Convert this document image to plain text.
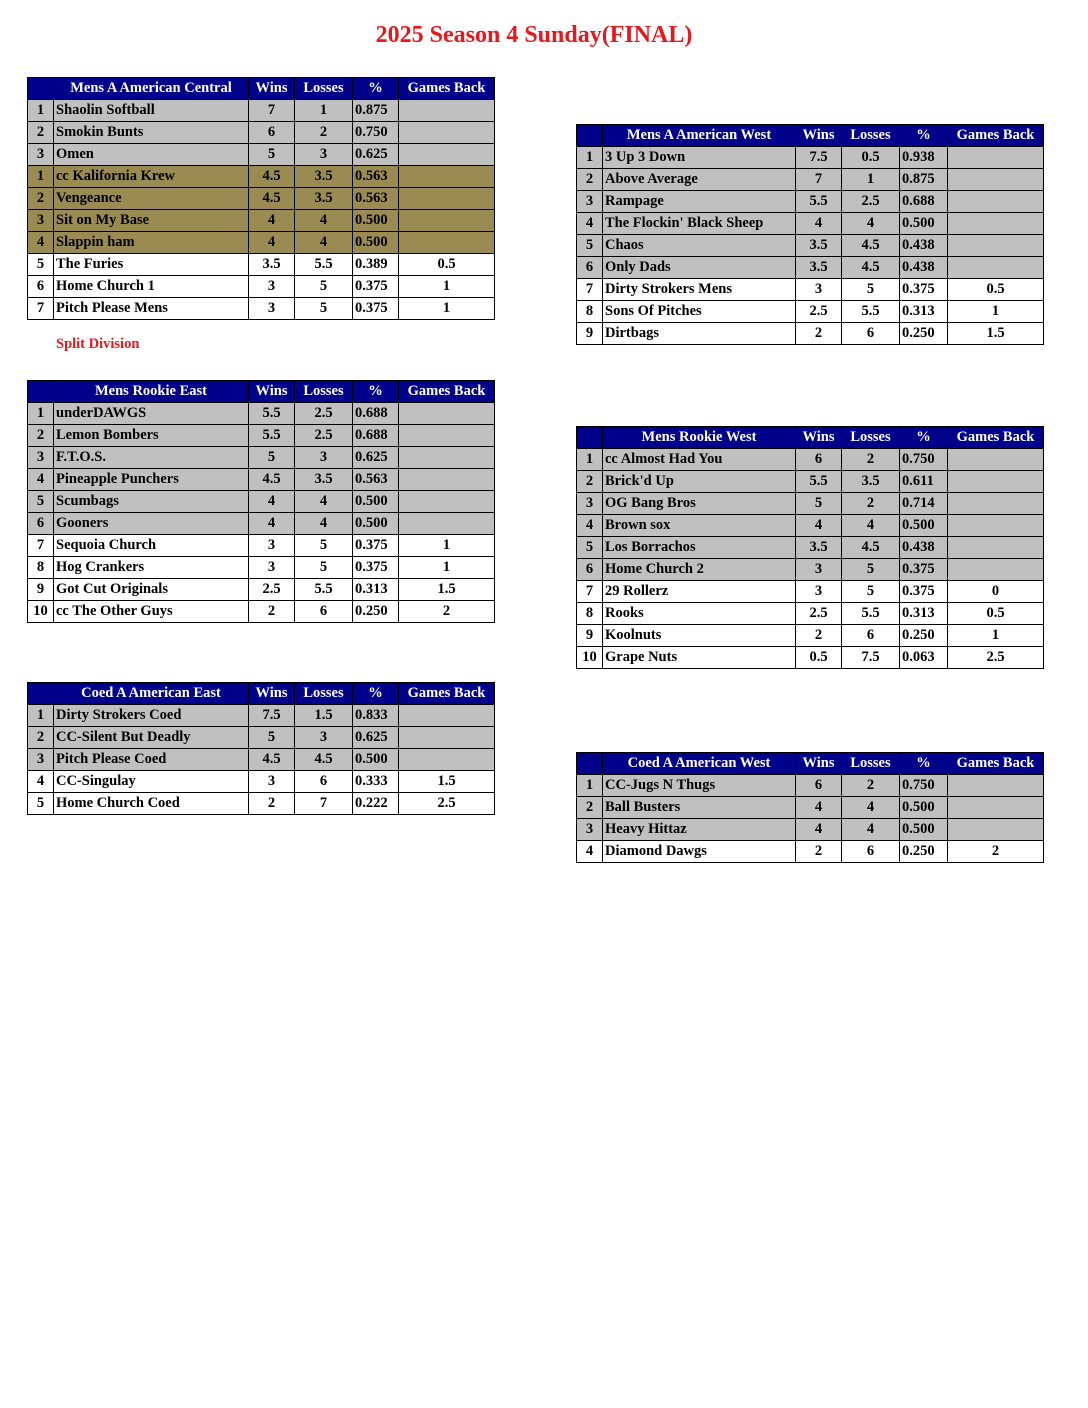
2025 Season 4 Sunday(FINAL)
	Mens A American Central	Wins	Losses	%	Games Back
1	Shaolin Softball	7	1	0.875	
2	Smokin Bunts	6	2	0.750	
3	Omen	5	3	0.625	
1	cc Kalifornia Krew	4.5	3.5	0.563	
2	Vengeance	4.5	3.5	0.563	
3	Sit on My Base	4	4	0.500	
4	Slappin ham	4	4	0.500	
5	The Furies	3.5	5.5	0.389	0.5
6	Home Church 1	3	5	0.375	1
7	Pitch Please Mens	3	5	0.375	1
	Mens A American West	Wins	Losses	%	Games Back
1	3 Up 3 Down	7.5	0.5	0.938	
2	Above Average	7	1	0.875	
3	Rampage	5.5	2.5	0.688	
4	The Flockin' Black Sheep	4	4	0.500	
5	Chaos	3.5	4.5	0.438	
6	Only Dads	3.5	4.5	0.438	
7	Dirty Strokers Mens	3	5	0.375	0.5
8	Sons Of Pitches	2.5	5.5	0.313	1
9	Dirtbags	2	6	0.250	1.5
	Mens Rookie East	Wins	Losses	%	Games Back
1	underDAWGS	5.5	2.5	0.688	
2	Lemon Bombers	5.5	2.5	0.688	
3	F.T.O.S.	5	3	0.625	
4	Pineapple Punchers	4.5	3.5	0.563	
5	Scumbags	4	4	0.500	
6	Gooners	4	4	0.500	
7	Sequoia Church	3	5	0.375	1
8	Hog Crankers	3	5	0.375	1
9	Got Cut Originals	2.5	5.5	0.313	1.5
10	cc The Other Guys	2	6	0.250	2
	Mens Rookie West	Wins	Losses	%	Games Back
1	cc Almost Had You	6	2	0.750	
2	Brick'd Up	5.5	3.5	0.611	
3	OG Bang Bros	5	2	0.714	
4	Brown sox	4	4	0.500	
5	Los Borrachos	3.5	4.5	0.438	
6	Home Church 2	3	5	0.375	
7	29 Rollerz	3	5	0.375	0
8	Rooks	2.5	5.5	0.313	0.5
9	Koolnuts	2	6	0.250	1
10	Grape Nuts	0.5	7.5	0.063	2.5
	Coed A American East	Wins	Losses	%	Games Back
1	Dirty Strokers Coed	7.5	1.5	0.833	
2	CC-Silent But Deadly	5	3	0.625	
3	Pitch Please Coed	4.5	4.5	0.500	
4	CC-Singulay	3	6	0.333	1.5
5	Home Church Coed	2	7	0.222	2.5
	Coed A American West	Wins	Losses	%	Games Back
1	CC-Jugs N Thugs	6	2	0.750	
2	Ball Busters	4	4	0.500	
3	Heavy Hittaz	4	4	0.500	
4	Diamond Dawgs	2	6	0.250	2
Split Division
